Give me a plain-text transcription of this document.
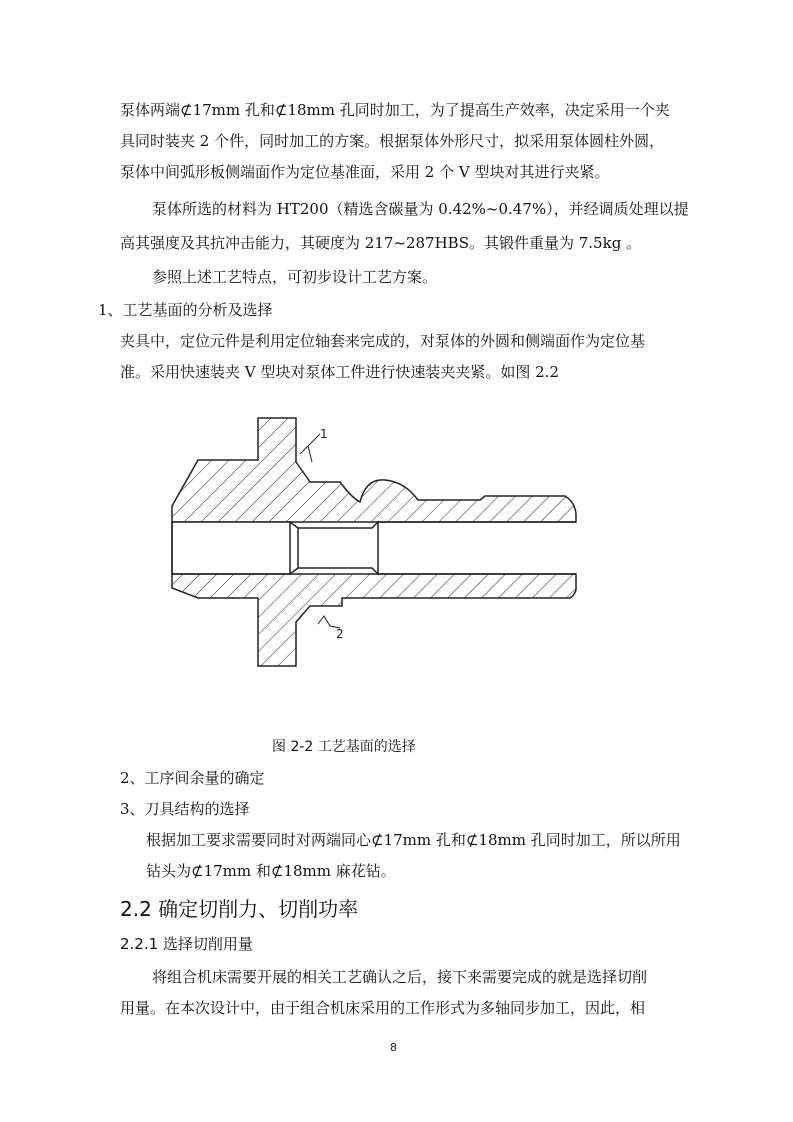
泵体两端⊄17mm 孔和⊄18mm 孔同时加工，为了提高生产效率，决定采用一个夹
具同时装夹 2 个件，同时加工的方案。根据泵体外形尺寸，拟采用泵体圆柱外圆，
泵体中间弧形板侧端面作为定位基准面，采用 2 个 V 型块对其进行夹紧。
泵体所选的材料为 HT200（精选含碳量为 0.42%~0.47%），并经调质处理以提
高其强度及其抗冲击能力，其硬度为 217~287HBS。其锻件重量为 7.5kg 。
参照上述工艺特点，可初步设计工艺方案。
1、工艺基面的分析及选择
夹具中，定位元件是利用定位轴套来完成的，对泵体的外圆和侧端面作为定位基
准。采用快速装夹 V 型块对泵体工件进行快速装夹夹紧。如图 2.2
1
2
图 2-2 工艺基面的选择
2、工序间余量的确定
3、刀具结构的选择
根据加工要求需要同时对两端同心⊄17mm 孔和⊄18mm 孔同时加工，所以所用
钻头为⊄17mm 和⊄18mm 麻花钻。
2.2 确定切削力、切削功率
2.2.1 选择切削用量
将组合机床需要开展的相关工艺确认之后，接下来需要完成的就是选择切削
用量。在本次设计中，由于组合机床采用的工作形式为多轴同步加工，因此，相
8
